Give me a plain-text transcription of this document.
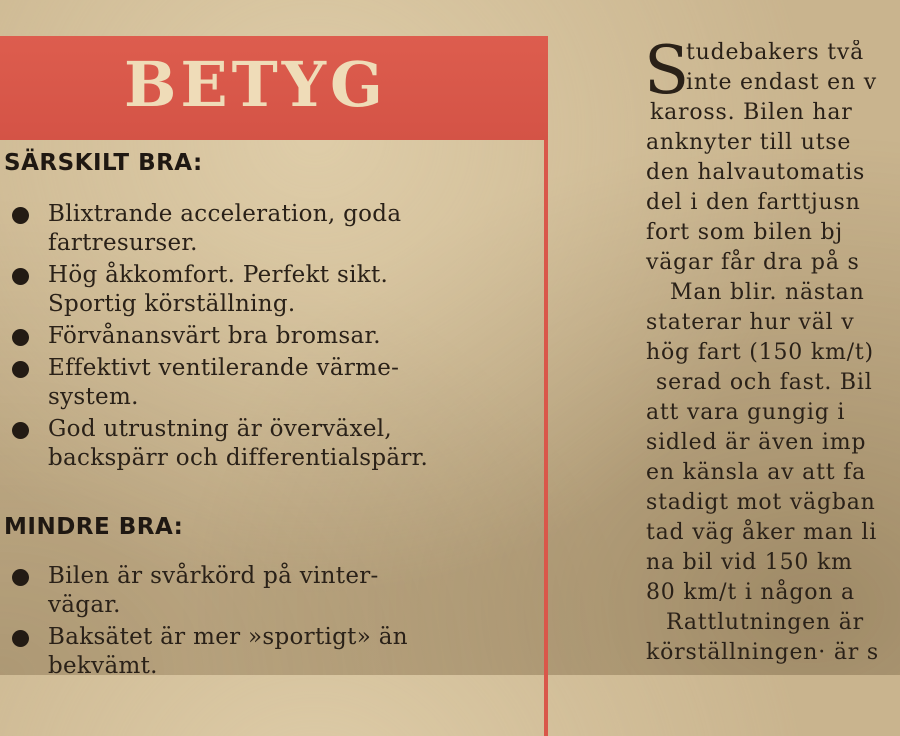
BETYG
SÄRSKILT BRA:
Blixtrande acceleration, goda
fartresurser.
Hög åkkomfort. Perfekt sikt.
Sportig körställning.
Förvånansvärt bra bromsar.
Effektivt ventilerande värme-
system.
God utrustning är överväxel,
backspärr och differentialspärr.
MINDRE BRA:
Bilen är svårkörd på vinter-
vägar.
Baksätet är mer »sportigt» än
bekvämt.
S
tudebakers två
inte endast en v
kaross. Bilen har
anknyter till utse
den halvautomatis
del i den farttjusn
fort som bilen bj
vägar får dra på s
Man blir. nästan
staterar hur väl v
hög fart (150 km/t)
serad och fast. Bil
att vara gungig i
sidled är även imp
en känsla av att fa
stadigt mot vägban
tad väg åker man li
na bil vid 150 km
80 km/t i någon a
Rattlutningen är
körställningen· är s
